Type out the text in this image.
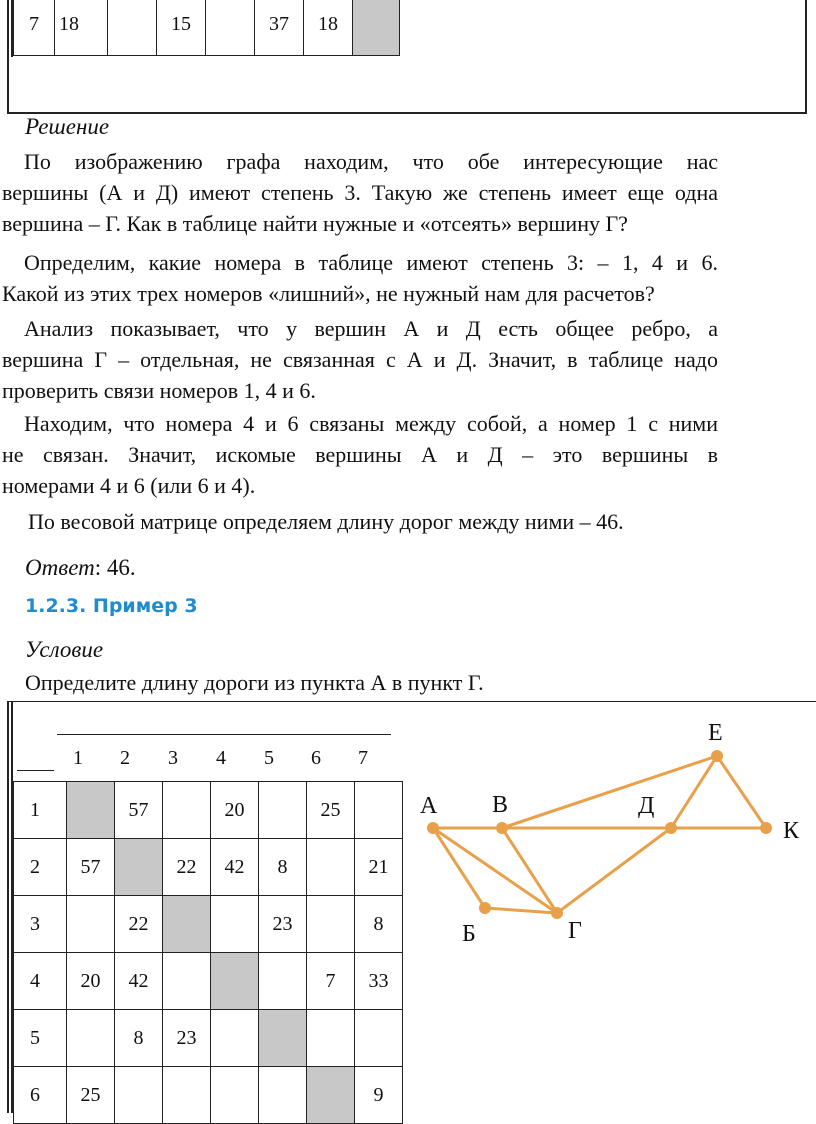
7	18		15		37	18	
Решение

По изображению графа находим, что обе интересующие нас

вершины (А и Д) имеют степень 3. Такую же степень имеет еще одна

вершина – Г. Как в таблице найти нужные и «отсеять» вершину Г?

Определим, какие номера в таблице имеют степень 3: – 1, 4 и 6.

Какой из этих трех номеров «лишний», не нужный нам для расчетов?

Анализ показывает, что у вершин А и Д есть общее ребро, а

вершина Г – отдельная, не связанная с А и Д. Значит, в таблице надо

проверить связи номеров 1, 4 и 6.

Находим, что номера 4 и 6 связаны между собой, а номер 1 с ними

не связан. Значит, искомые вершины А и Д – это вершины в

номерами 4 и 6 (или 6 и 4).

По весовой матрице определяем длину дорог между ними – 46.

Ответ: 46.
1.2.3. Пример 3
Условие
Определите длину дороги из пункта А в пункт Г.
1 2 3 4 5 6 7
1		57		20		25	
2	57		22	42	8		21
3		22			23		8
4	20	42				7	33
5		8	23				
6	25						9
А В	Д
Е
К
Б	Г
